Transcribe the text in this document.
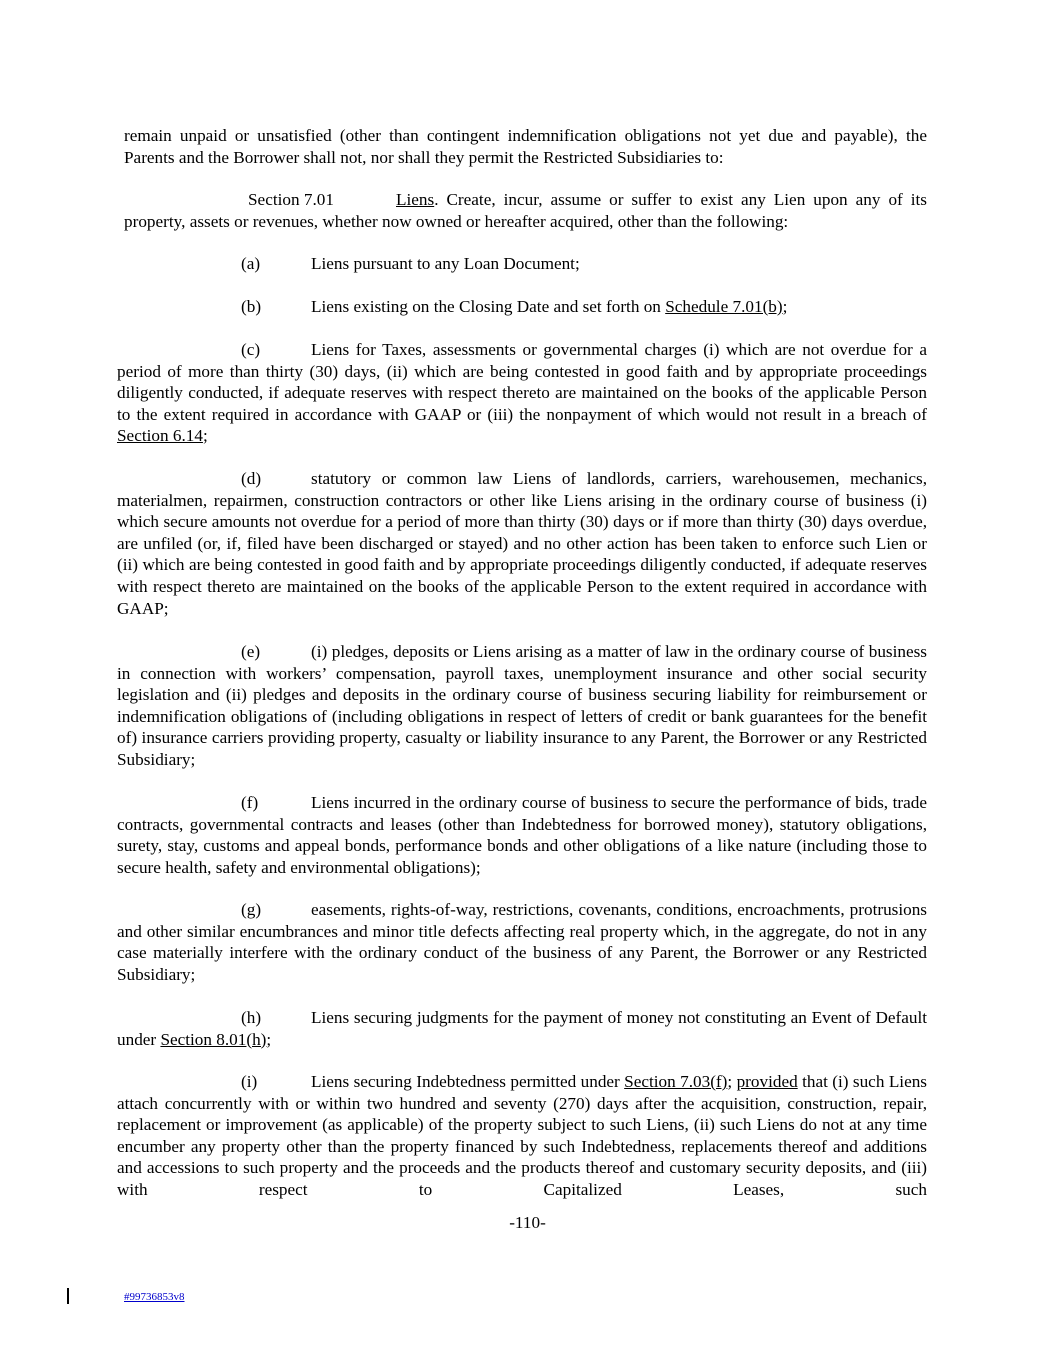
remain unpaid or unsatisfied (other than contingent indemnification obligations not yet due and payable), the Parents and the Borrower shall not, nor shall they permit the Restricted Subsidiaries to:

Section 7.01	Liens. Create, incur, assume or suffer to exist any Lien upon any of its property, assets or revenues, whether now owned or hereafter acquired, other than the following:

(a)	Liens pursuant to any Loan Document;

(b)	Liens existing on the Closing Date and set forth on Schedule 7.01(b);

(c)	Liens for Taxes, assessments or governmental charges (i) which are not overdue for a period of more than thirty (30) days, (ii) which are being contested in good faith and by appropriate proceedings diligently conducted, if adequate reserves with respect thereto are maintained on the books of the applicable Person to the extent required in accordance with GAAP or (iii) the nonpayment of which would not result in a breach of Section 6.14;

(d)	statutory or common law Liens of landlords, carriers, warehousemen, mechanics, materialmen, repairmen, construction contractors or other like Liens arising in the ordinary course of business (i) which secure amounts not overdue for a period of more than thirty (30) days or if more than thirty (30) days overdue, are unfiled (or, if, filed have been discharged or stayed) and no other action has been taken to enforce such Lien or (ii) which are being contested in good faith and by appropriate proceedings diligently conducted, if adequate reserves with respect thereto are maintained on the books of the applicable Person to the extent required in accordance with GAAP;

(e)	(i) pledges, deposits or Liens arising as a matter of law in the ordinary course of business in connection with workers’ compensation, payroll taxes, unemployment insurance and other social security legislation and (ii) pledges and deposits in the ordinary course of business securing liability for reimbursement or indemnification obligations of (including obligations in respect of letters of credit or bank guarantees for the benefit of) insurance carriers providing property, casualty or liability insurance to any Parent, the Borrower or any Restricted Subsidiary;

(f)	Liens incurred in the ordinary course of business to secure the performance of bids, trade contracts, governmental contracts and leases (other than Indebtedness for borrowed money), statutory obligations, surety, stay, customs and appeal bonds, performance bonds and other obligations of a like nature (including those to secure health, safety and environmental obligations);

(g)	easements, rights-of-way, restrictions, covenants, conditions, encroachments, protrusions and other similar encumbrances and minor title defects affecting real property which, in the aggregate, do not in any case materially interfere with the ordinary conduct of the business of any Parent, the Borrower or any Restricted Subsidiary;

(h)	Liens securing judgments for the payment of money not constituting an Event of Default under Section 8.01(h);

(i)	Liens securing Indebtedness permitted under Section 7.03(f); provided that (i) such Liens attach concurrently with or within two hundred and seventy (270) days after the acquisition, construction, repair, replacement or improvement (as applicable) of the property subject to such Liens, (ii) such Liens do not at any time encumber any property other than the property financed by such Indebtedness, replacements thereof and additions and accessions to such property and the proceeds and the products thereof and customary security deposits, and (iii) with respect to Capitalized Leases, such

-110-
#99736853v8
